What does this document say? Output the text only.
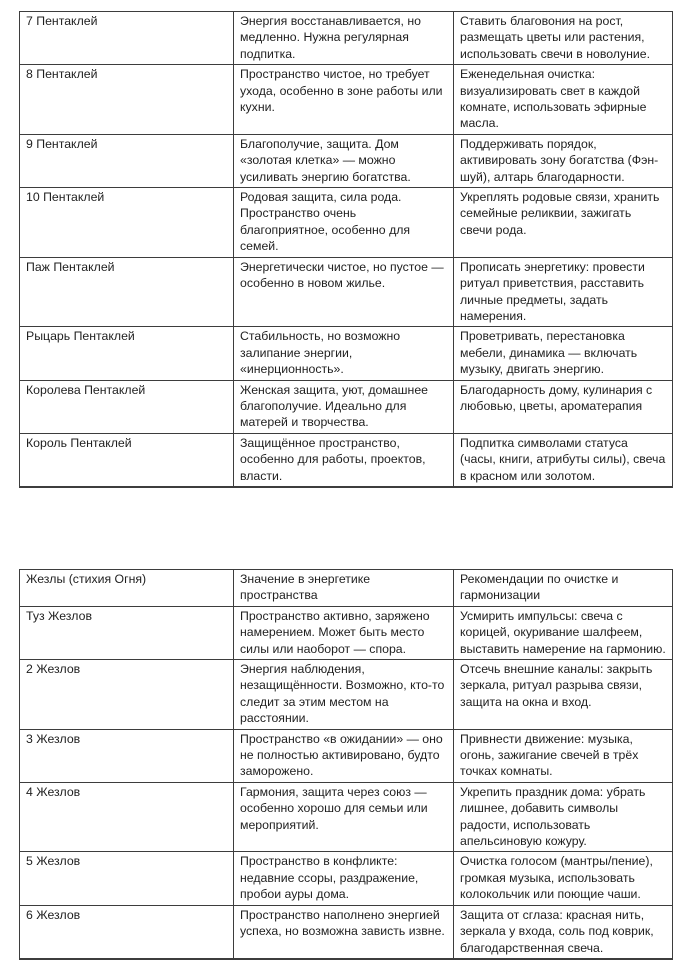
7 Пентаклей	Энергия восстанавливается, но медленно. Нужна регулярная подпитка.	Ставить благовония на рост, размещать цветы или растения, использовать свечи в новолуние.
8 Пентаклей	Пространство чистое, но требует ухода, особенно в зоне работы или кухни.	Еженедельная очистка: визуализировать свет в каждой комнате, использовать эфирные масла.
9 Пентаклей	Благополучие, защита. Дом «золотая клетка» — можно усиливать энергию богатства.	Поддерживать порядок, активировать зону богатства (Фэн-шуй), алтарь благодарности.
10 Пентаклей	Родовая защита, сила рода. Пространство очень благоприятное, особенно для семей.	Укреплять родовые связи, хранить семейные реликвии, зажигать свечи рода.
Паж Пентаклей	Энергетически чистое, но пустое — особенно в новом жилье.	Прописать энергетику: провести ритуал приветствия, расставить личные предметы, задать намерения.
Рыцарь Пентаклей	Стабильность, но возможно залипание энергии, «инерционность».	Проветривать, перестановка мебели, динамика — включать музыку, двигать энергию.
Королева Пентаклей	Женская защита, уют, домашнее благополучие. Идеально для матерей и творчества.	Благодарность дому, кулинария с любовью, цветы, ароматерапия
Король Пентаклей	Защищённое пространство, особенно для работы, проектов, власти.	Подпитка символами статуса (часы, книги, атрибуты силы), свеча в красном или золотом.
Жезлы (стихия Огня)	Значение в энергетике пространства	Рекомендации по очистке и гармонизации
Туз Жезлов	Пространство активно, заряжено намерением. Может быть место силы или наоборот — спора.	Усмирить импульсы: свеча с корицей, окуривание шалфеем, выставить намерение на гармонию.
2 Жезлов	Энергия наблюдения, незащищённости. Возможно, кто-то следит за этим местом на расстоянии.	Отсечь внешние каналы: закрыть зеркала, ритуал разрыва связи, защита на окна и вход.
3 Жезлов	Пространство «в ожидании» — оно не полностью активировано, будто заморожено.	Привнести движение: музыка, огонь, зажигание свечей в трёх точках комнаты.
4 Жезлов	Гармония, защита через союз — особенно хорошо для семьи или мероприятий.	Укрепить праздник дома: убрать лишнее, добавить символы радости, использовать апельсиновую кожуру.
5 Жезлов	Пространство в конфликте: недавние ссоры, раздражение, пробои ауры дома.	Очистка голосом (мантры/пение), громкая музыка, использовать колокольчик или поющие чаши.
6 Жезлов	Пространство наполнено энергией успеха, но возможна зависть извне.	Защита от сглаза: красная нить, зеркала у входа, соль под коврик, благодарственная свеча.
